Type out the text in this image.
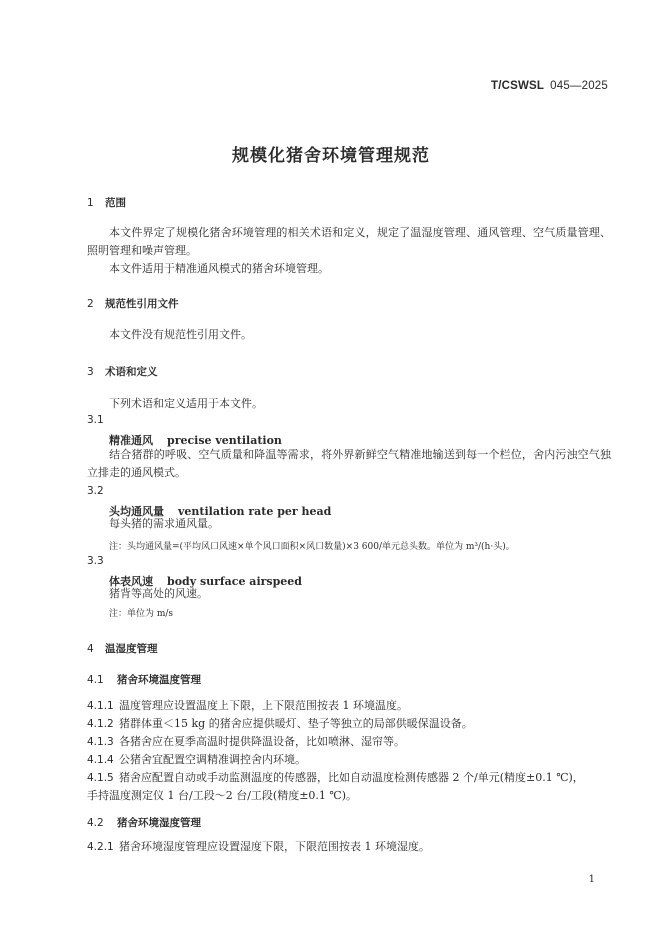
T/CSWSL 045—2025
规模化猪舍环境管理规范
1 范围

本文件界定了规模化猪舍环境管理的相关术语和定义，规定了温湿度管理、通风管理、空气质量管理、照明管理和噪声管理。

本文件适用于精准通风模式的猪舍环境管理。

2 规范性引用文件

本文件没有规范性引用文件。

3 术语和定义

下列术语和定义适用于本文件。

3.1

精准通风 precise ventilation

结合猪群的呼吸、空气质量和降温等需求，将外界新鲜空气精准地输送到每一个栏位，舍内污浊空气独立排走的通风模式。

3.2

头均通风量 ventilation rate per head

每头猪的需求通风量。

注：头均通风量=(平均风口风速×单个风口面积×风口数量)×3 600/单元总头数。单位为 m³/(h·头)。

3.3

体表风速 body surface airspeed

猪背等高处的风速。

注：单位为 m/s

4 温湿度管理
4.1 猪舍环境温度管理

4.1.1 温度管理应设置温度上下限，上下限范围按表 1 环境温度。

4.1.2 猪群体重＜15 kg 的猪舍应提供暖灯、垫子等独立的局部供暖保温设备。

4.1.3 各猪舍应在夏季高温时提供降温设备，比如喷淋、湿帘等。

4.1.4 公猪舍宜配置空调精准调控舍内环境。

4.1.5 猪舍应配置自动或手动监测温度的传感器，比如自动温度检测传感器 2 个/单元(精度±0.1 ℃)，

手持温度测定仪 1 台/工段～2 台/工段(精度±0.1 ℃)。

4.2 猪舍环境湿度管理

4.2.1 猪舍环境湿度管理应设置湿度下限，下限范围按表 1 环境湿度。

1
